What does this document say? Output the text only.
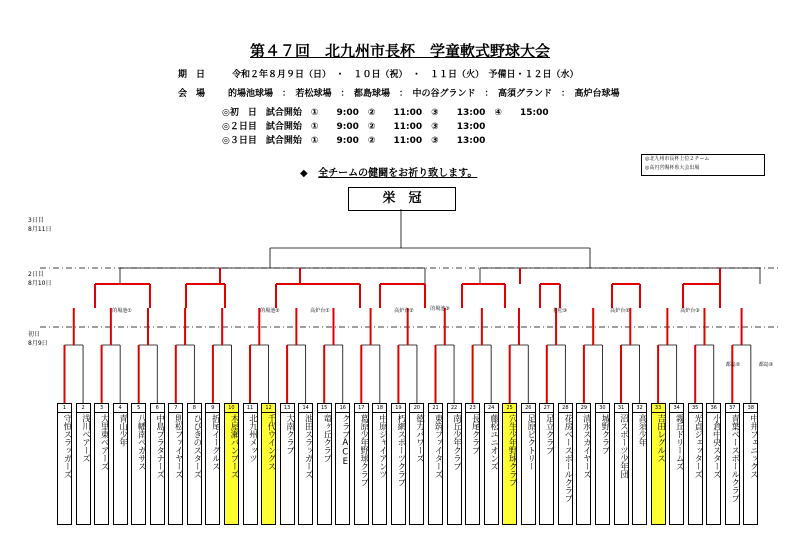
第４７回　北九州市長杯　学童軟式野球大会
期　日	令和２年８月９日（日）　・　１０日（祝）　・　１１日（火）　予備日・１２日（水）
会　場	的場池球場　：　若松球場　：　都島球場　：　中の谷グランド　：　高須グランド　：　高炉台球場
◎初　日　試合開始　①　　9:00　②　　11:00　③　　13:00　④　　15:00
◎２日目　試合開始　①　　9:00　②　　11:00　③　　13:00
◎３日目　試合開始　①　　9:00　②　　11:00　③　　13:00
◆ 全チームの健闘をお祈り致します。
◎北九州市長杯上位２チーム
◎高円宮賜杯県大会出場
栄　冠
3日目
8月11日
2日目
8月10日
初日
8月9日
的場池①	的場池②	高炉台①	高炉台②	的場池③	若松③	高炉台②	高炉台③
都島②	都島③
1
守恒スラッガーズ
2
浅川ベアーズ
3
大里東ベアーズ
4
青山少年
5
八幡南ペガサス
6
中島プラタナーズ
7
則松ファイヤーズ
8
ひびきのスターズ
9
折尾イーグルス
10
木屋瀬バンブーズ
11
北九州メッツ
12
千代ウイングス
13
大南クラブ
14
池田スラッガーズ
15
竜ヶ丘クラブ
16
クラブACE
17
葛原少年野球クラブ
18
中原ジャイアンツ
19
朽網スポーツクラブ
20
徳力パワーズ
21
東筑ファイターズ
22
南丘少年クラブ
23
長尾クラブ
24
藤松ユニオンズ
25
穴生少年野球クラブ
26
足原ビクトリー
27
足立クラブ
28
花房ベースボールクラブ
29
清水スカイヤーズ
30
城野クラブ
31
沼スポーツ少年団
32
高須少年
33
吉田レグルス
34
霧丘ドリームズ
35
光貞ジェッターズ
36
小倉中央スターズ
37
青葉ベースボールクラブ
38
中井フェニックス
